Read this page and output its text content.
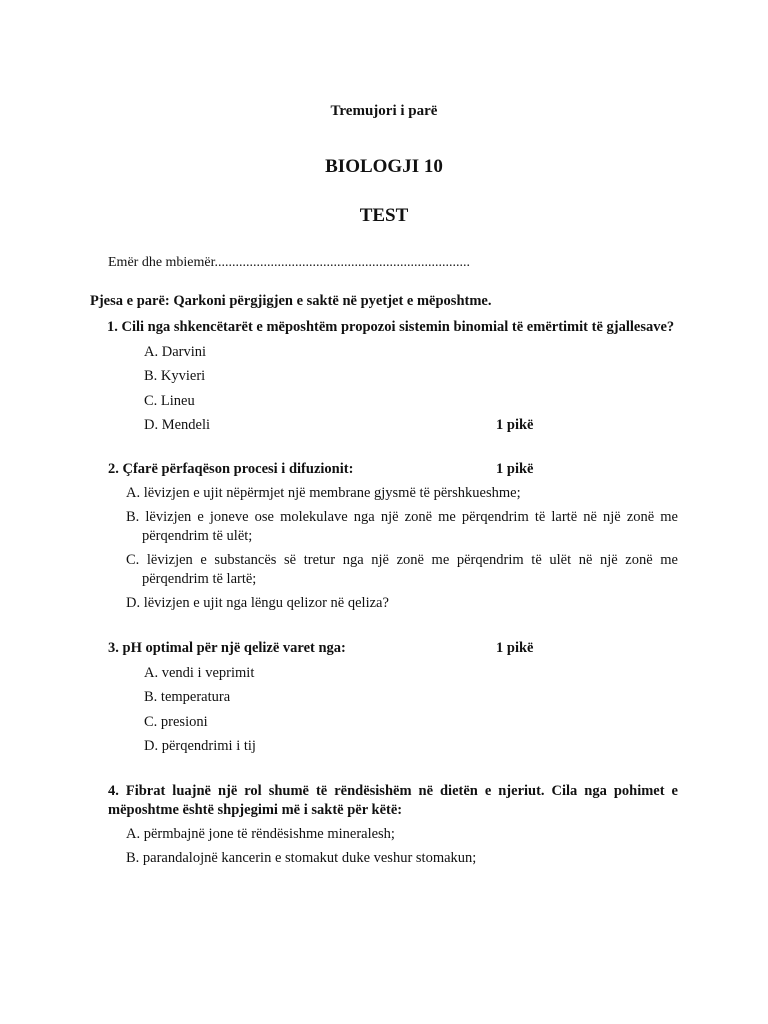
Tremujori i parë
BIOLOGJI 10
TEST
Emër dhe mbiemër.........................................................................

Pjesa e parë: Qarkoni përgjigjen e saktë në pyetjet e mëposhtme.

1. Cili nga shkencëtarët e mëposhtëm propozoi sistemin binomial të emërtimit të gjallesave?

A. Darvini
B. Kyvieri
C. Lineu
D. Mendeli	1 pikë
2. Çfarë përfaqëson procesi i difuzionit:	1 pikë
A. lëvizjen e ujit nëpërmjet një membrane gjysmë të përshkueshme;
B. lëvizjen e joneve ose molekulave nga një zonë me përqendrim të lartë në një zonë me përqendrim të ulët;
C. lëvizjen e substancës së tretur nga një zonë me përqendrim të ulët në një zonë me përqendrim të lartë;
D. lëvizjen e ujit nga lëngu qelizor në qeliza?
3. pH optimal për një qelizë varet nga:	1 pikë
A. vendi i veprimit
B. temperatura
C. presioni
D. përqendrimi i tij

4. Fibrat luajnë një rol shumë të rëndësishëm në dietën e njeriut. Cila nga pohimet e mëposhtme është shpjegimi më i saktë për këtë:

A. përmbajnë jone të rëndësishme mineralesh;
B. parandalojnë kancerin e stomakut duke veshur stomakun;
